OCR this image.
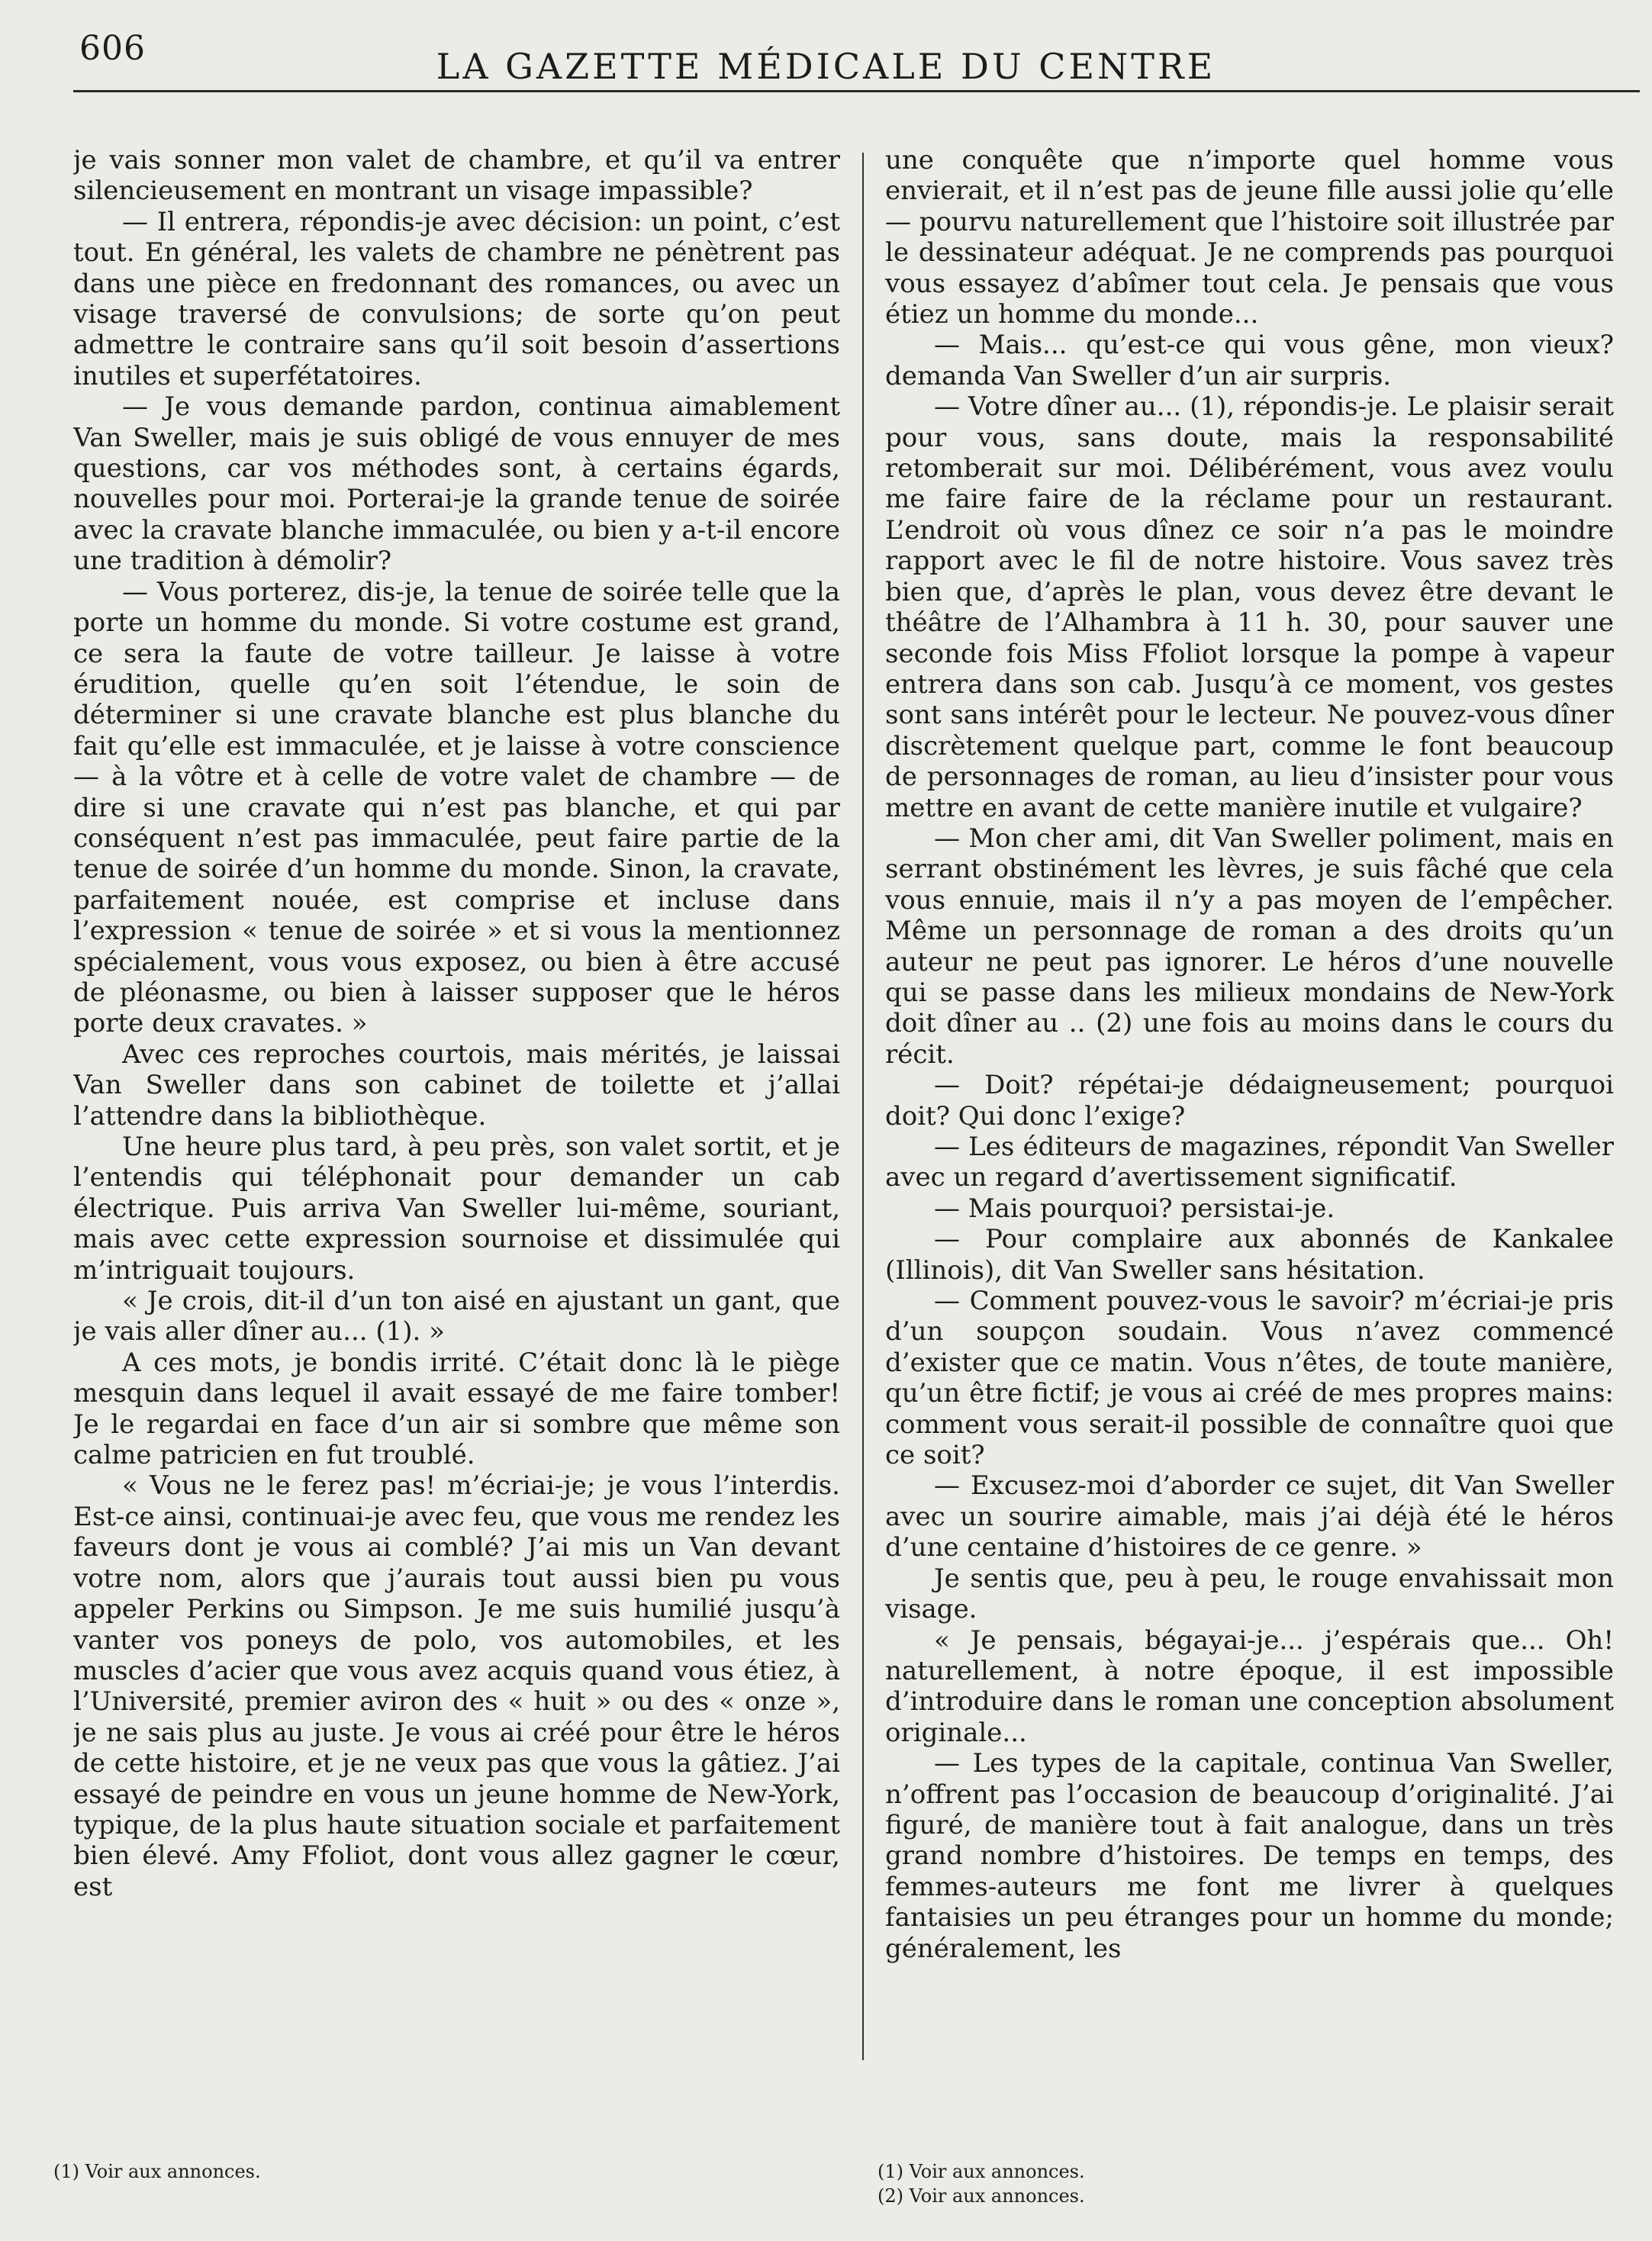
606	LA GAZETTE MÉDICALE DU CENTRE

je vais sonner mon valet de chambre, et qu’il va entrer silencieusement en montrant un visage impassible?

— Il entrera, répondis-je avec décision: un point, c’est tout. En général, les valets de chambre ne pénètrent pas dans une pièce en fredonnant des romances, ou avec un visage traversé de convulsions; de sorte qu’on peut admettre le contraire sans qu’il soit besoin d’assertions inutiles et superfétatoires.

— Je vous demande pardon, continua aimablement Van Sweller, mais je suis obligé de vous ennuyer de mes questions, car vos méthodes sont, à certains égards, nouvelles pour moi. Porterai-je la grande tenue de soirée avec la cravate blanche immaculée, ou bien y a-t-il encore une tradition à démolir?

— Vous porterez, dis-je, la tenue de soirée telle que la porte un homme du monde. Si votre costume est grand, ce sera la faute de votre tailleur. Je laisse à votre érudition, quelle qu’en soit l’étendue, le soin de déterminer si une cravate blanche est plus blanche du fait qu’elle est immaculée, et je laisse à votre conscience — à la vôtre et à celle de votre valet de chambre — de dire si une cravate qui n’est pas blanche, et qui par conséquent n’est pas immaculée, peut faire partie de la tenue de soirée d’un homme du monde. Sinon, la cravate, parfaitement nouée, est comprise et incluse dans l’expression « tenue de soirée » et si vous la mentionnez spécialement, vous vous exposez, ou bien à être accusé de pléonasme, ou bien à laisser supposer que le héros porte deux cravates. »

Avec ces reproches courtois, mais mérités, je laissai Van Sweller dans son cabinet de toilette et j’allai l’attendre dans la bibliothèque.

Une heure plus tard, à peu près, son valet sortit, et je l’entendis qui téléphonait pour demander un cab électrique. Puis arriva Van Sweller lui-même, souriant, mais avec cette expression sournoise et dissimulée qui m’intriguait toujours.

« Je crois, dit-il d’un ton aisé en ajustant un gant, que je vais aller dîner au... (1). »

A ces mots, je bondis irrité. C’était donc là le piège mesquin dans lequel il avait essayé de me faire tomber! Je le regardai en face d’un air si sombre que même son calme patricien en fut troublé.

« Vous ne le ferez pas! m’écriai-je; je vous l’interdis. Est-ce ainsi, continuai-je avec feu, que vous me rendez les faveurs dont je vous ai comblé? J’ai mis un Van devant votre nom, alors que j’aurais tout aussi bien pu vous appeler Perkins ou Simpson. Je me suis humilié jusqu’à vanter vos poneys de polo, vos automobiles, et les muscles d’acier que vous avez acquis quand vous étiez, à l’Université, premier aviron des « huit » ou des « onze », je ne sais plus au juste. Je vous ai créé pour être le héros de cette histoire, et je ne veux pas que vous la gâtiez. J’ai essayé de peindre en vous un jeune homme de New-York, typique, de la plus haute situation sociale et parfaitement bien élevé. Amy Ffoliot, dont vous allez gagner le cœur, est

une conquête que n’importe quel homme vous envierait, et il n’est pas de jeune fille aussi jolie qu’elle — pourvu naturellement que l’histoire soit illustrée par le dessinateur adéquat. Je ne comprends pas pourquoi vous essayez d’abîmer tout cela. Je pensais que vous étiez un homme du monde...

— Mais... qu’est-ce qui vous gêne, mon vieux? demanda Van Sweller d’un air surpris.

— Votre dîner au... (1), répondis-je. Le plaisir serait pour vous, sans doute, mais la responsabilité retomberait sur moi. Délibérément, vous avez voulu me faire faire de la réclame pour un restaurant. L’endroit où vous dînez ce soir n’a pas le moindre rapport avec le fil de notre histoire. Vous savez très bien que, d’après le plan, vous devez être devant le théâtre de l’Alhambra à 11 h. 30, pour sauver une seconde fois Miss Ffoliot lorsque la pompe à vapeur entrera dans son cab. Jusqu’à ce moment, vos gestes sont sans intérêt pour le lecteur. Ne pouvez-vous dîner discrètement quelque part, comme le font beaucoup de personnages de roman, au lieu d’insister pour vous mettre en avant de cette manière inutile et vulgaire?

— Mon cher ami, dit Van Sweller poliment, mais en serrant obstinément les lèvres, je suis fâché que cela vous ennuie, mais il n’y a pas moyen de l’empêcher. Même un personnage de roman a des droits qu’un auteur ne peut pas ignorer. Le héros d’une nouvelle qui se passe dans les milieux mondains de New-York doit dîner au .. (2) une fois au moins dans le cours du récit.

— Doit? répétai-je dédaigneusement; pourquoi doit? Qui donc l’exige?

— Les éditeurs de magazines, répondit Van Sweller avec un regard d’avertissement significatif.

— Mais pourquoi? persistai-je.

— Pour complaire aux abonnés de Kankalee (Illinois), dit Van Sweller sans hésitation.

— Comment pouvez-vous le savoir? m’écriai-je pris d’un soupçon soudain. Vous n’avez commencé d’exister que ce matin. Vous n’êtes, de toute manière, qu’un être fictif; je vous ai créé de mes propres mains: comment vous serait-il possible de connaître quoi que ce soit?

— Excusez-moi d’aborder ce sujet, dit Van Sweller avec un sourire aimable, mais j’ai déjà été le héros d’une centaine d’histoires de ce genre. »

Je sentis que, peu à peu, le rouge envahissait mon visage.

« Je pensais, bégayai-je... j’espérais que... Oh! naturellement, à notre époque, il est impossible d’introduire dans le roman une conception absolument originale...

— Les types de la capitale, continua Van Sweller, n’offrent pas l’occasion de beaucoup d’originalité. J’ai figuré, de manière tout à fait analogue, dans un très grand nombre d’histoires. De temps en temps, des femmes-auteurs me font me livrer à quelques fantaisies un peu étranges pour un homme du monde; généralement, les

(1) Voir aux annonces.	(1) Voir aux annonces.

(2) Voir aux annonces.
